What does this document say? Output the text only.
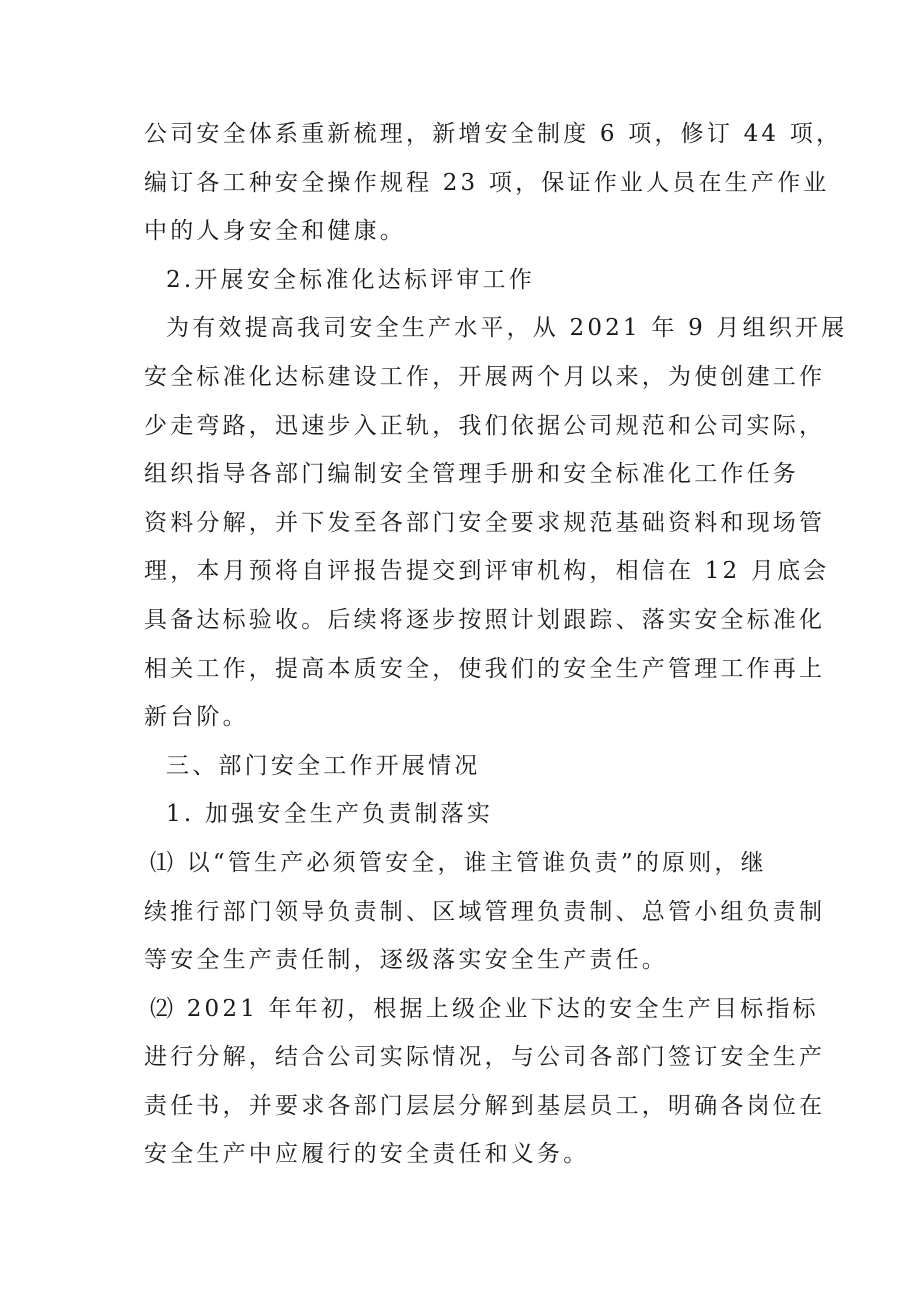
公司安全体系重新梳理，新增安全制度 6 项，修订 44 项，
编订各工种安全操作规程 23 项，保证作业人员在生产作业
中的人身安全和健康。
2.开展安全标准化达标评审工作
为有效提高我司安全生产水平，从 2021 年 9 月组织开展
安全标准化达标建设工作，开展两个月以来，为使创建工作
少走弯路，迅速步入正轨，我们依据公司规范和公司实际，
组织指导各部门编制安全管理手册和安全标准化工作任务
资料分解，并下发至各部门安全要求规范基础资料和现场管
理，本月预将自评报告提交到评审机构，相信在 12 月底会
具备达标验收。后续将逐步按照计划跟踪、落实安全标准化
相关工作，提高本质安全，使我们的安全生产管理工作再上
新台阶。
三、部门安全工作开展情况
1. 加强安全生产负责制落实
⑴ 以“管生产必须管安全，谁主管谁负责”的原则，继
续推行部门领导负责制、区域管理负责制、总管小组负责制
等安全生产责任制，逐级落实安全生产责任。
⑵ 2021 年年初，根据上级企业下达的安全生产目标指标
进行分解，结合公司实际情况，与公司各部门签订安全生产
责任书，并要求各部门层层分解到基层员工，明确各岗位在
安全生产中应履行的安全责任和义务。
